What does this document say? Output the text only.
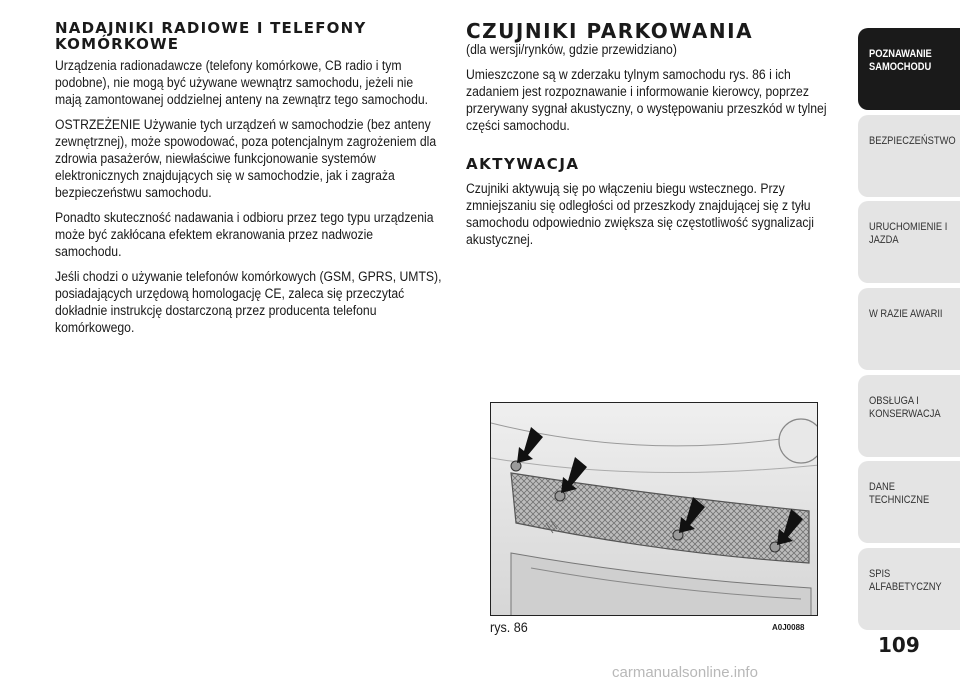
NADAJNIKI RADIOWE I TELEFONY
KOMÓRKOWE

Urządzenia radionadawcze (telefony komórkowe, CB radio i tym podobne), nie mogą być używane wewnątrz samochodu, jeżeli nie mają zamontowanej oddzielnej anteny na zewnątrz tego samochodu.

OSTRZEŻENIE Używanie tych urządzeń w samochodzie (bez anteny zewnętrznej), może spowodować, poza potencjalnym zagrożeniem dla zdrowia pasażerów, niewłaściwe funkcjonowanie systemów elektronicznych znajdujących się w samochodzie, jak i zagraża bezpieczeństwu samochodu.

Ponadto skuteczność nadawania i odbioru przez tego typu urządzenia może być zakłócana efektem ekranowania przez nadwozie samochodu.

Jeśli chodzi o używanie telefonów komórkowych (GSM, GPRS, UMTS), posiadających urzędową homologację CE, zaleca się przeczytać dokładnie instrukcję dostarczoną przez producenta telefonu komórkowego.

CZUJNIKI PARKOWANIA

(dla wersji/rynków, gdzie przewidziano)

Umieszczone są w zderzaku tylnym samochodu rys. 86 i ich zadaniem jest rozpoznawanie i informowanie kierowcy, poprzez przerywany sygnał akustyczny, o występowaniu przeszkód w tylnej części samochodu.

AKTYWACJA

Czujniki aktywują się po włączeniu biegu wstecznego. Przy zmniejszaniu się odległości od przeszkody znajdującej się z tyłu samochodu odpowiednio zwiększa się częstotliwość sygnalizacji akustycznej.

rys. 86	A0J0088
POZNAWANIE SAMOCHODU
BEZPIECZEŃSTWO
URUCHOMIENIE I JAZDA
W RAZIE AWARII
OBSŁUGA I KONSERWACJA
DANE TECHNICZNE
SPIS ALFABETYCZNY
109
carmanualsonline.info
